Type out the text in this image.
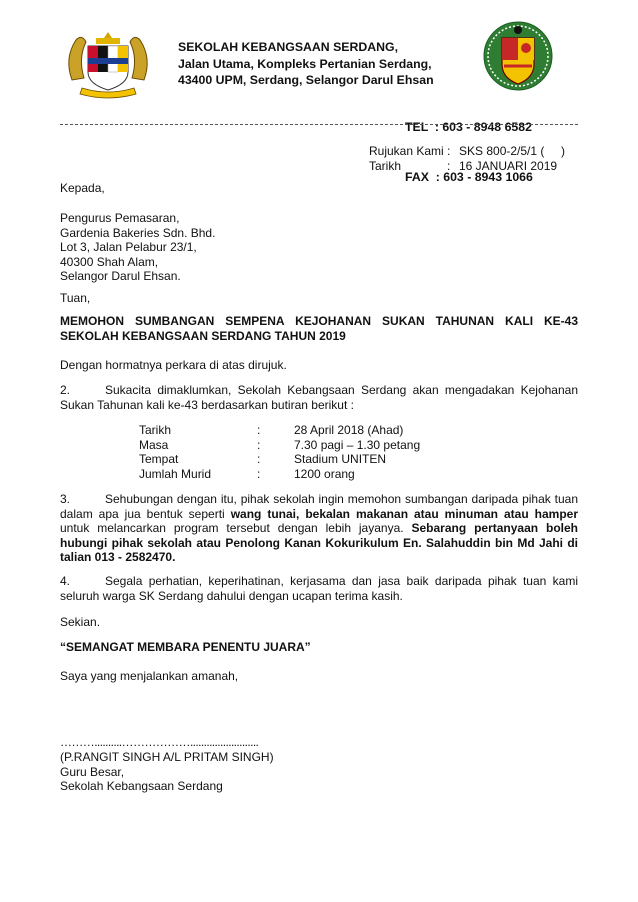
SEKOLAH KEBANGSAAN SERDANG,
Jalan Utama, Kompleks Pertanian Serdang,
43400 UPM, Serdang, Selangor Darul Ehsan

TEL  : 603 - 8948 6582

FAX  : 603 - 8943 1066

Rujukan Kami : SKS 800-2/5/1 (     )
Tarikh	: 16 JANUARI 2019
Kepada,
Pengurus Pemasaran,
Gardenia Bakeries Sdn. Bhd.
Lot 3, Jalan Pelabur 23/1,
40300 Shah Alam,
Selangor Darul Ehsan.
Tuan,
MEMOHON SUMBANGAN SEMPENA KEJOHANAN SUKAN TAHUNAN KALI KE-43
SEKOLAH KEBANGSAAN SERDANG TAHUN 2019
Dengan hormatnya perkara di atas dirujuk.
2.	Sukacita dimaklumkan, Sekolah Kebangsaan Serdang akan mengadakan Kejohanan Sukan Tahunan kali ke-43 berdasarkan butiran berikut :
Tarikh	:	28 April 2018 (Ahad)
Masa	:	7.30 pagi – 1.30 petang
Tempat	:	Stadium UNITEN
Jumlah Murid	:	1200 orang
3.	Sehubungan dengan itu, pihak sekolah ingin memohon sumbangan daripada pihak tuan dalam apa jua bentuk seperti wang tunai, bekalan makanan atau minuman atau hamper untuk melancarkan program tersebut dengan lebih jayanya. Sebarang pertanyaan boleh hubungi pihak sekolah atau Penolong Kanan Kokurikulum En. Salahuddin bin Md Jahi di talian 013 - 2582470.
4.	Segala perhatian, keperihatinan, kerjasama dan jasa baik daripada pihak tuan kami seluruh warga SK Serdang dahului dengan ucapan terima kasih.
Sekian.
“SEMANGAT MEMBARA PENENTU JUARA”
Saya yang menjalankan amanah,
………..........……………….........................
(P.RANGIT SINGH A/L PRITAM SINGH)
Guru Besar,
Sekolah Kebangsaan Serdang
